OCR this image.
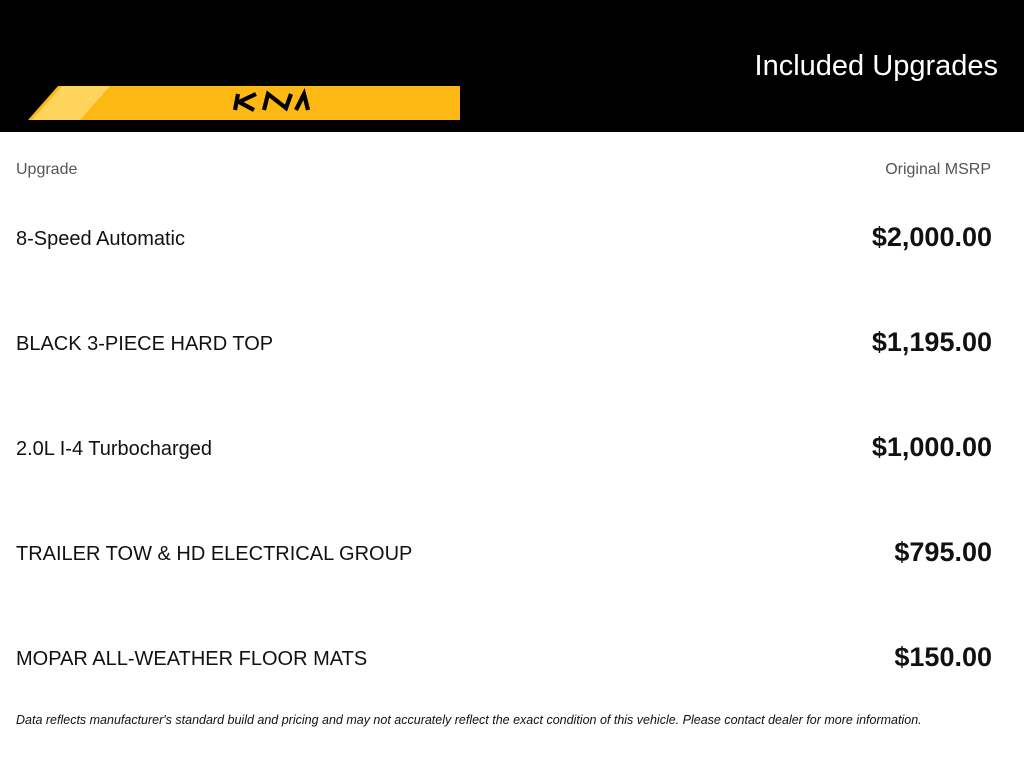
Included Upgrades
Upgrade	Original MSRP
8-Speed Automatic	$2,000.00
BLACK 3-PIECE HARD TOP	$1,195.00
2.0L I-4 Turbocharged	$1,000.00
TRAILER TOW & HD ELECTRICAL GROUP	$795.00
MOPAR ALL-WEATHER FLOOR MATS	$150.00
Data reflects manufacturer's standard build and pricing and may not accurately reflect the exact condition of this vehicle. Please contact dealer for more information.
